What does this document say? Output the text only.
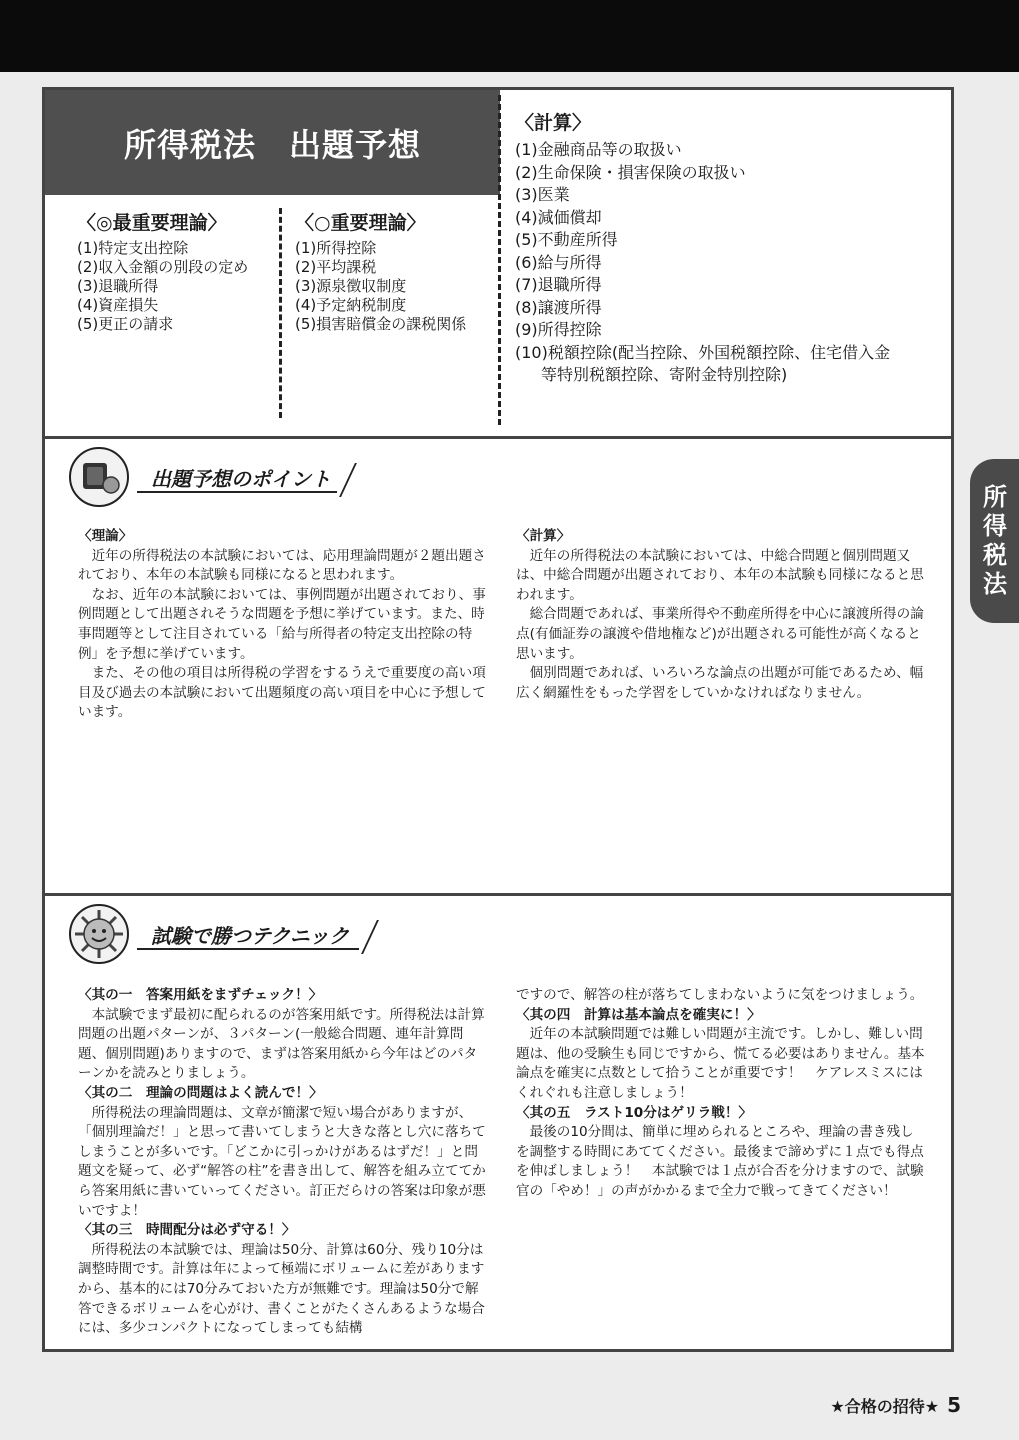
所得税法　出題予想
〈◎最重要理論〉
(1)特定支出控除
(2)収入金額の別段の定め
(3)退職所得
(4)資産損失
(5)更正の請求
〈○重要理論〉
(1)所得控除
(2)平均課税
(3)源泉徴収制度
(4)予定納税制度
(5)損害賠償金の課税関係
〈計算〉
(1)金融商品等の取扱い
(2)生命保険・損害保険の取扱い
(3)医業
(4)減価償却
(5)不動産所得
(6)給与所得
(7)退職所得
(8)譲渡所得
(9)所得控除
(10)税額控除(配当控除、外国税額控除、住宅借入金
等特別税額控除、寄附金特別控除)
出題予想のポイント

〈理論〉

近年の所得税法の本試験においては、応用理論問題が２題出題されており、本年の本試験も同様になると思われます。

なお、近年の本試験においては、事例問題が出題されており、事例問題として出題されそうな問題を予想に挙げています。また、時事問題等として注目されている「給与所得者の特定支出控除の特例」を予想に挙げています。

また、その他の項目は所得税の学習をするうえで重要度の高い項目及び過去の本試験において出題頻度の高い項目を中心に予想しています。

〈計算〉

近年の所得税法の本試験においては、中総合問題と個別問題又は、中総合問題が出題されており、本年の本試験も同様になると思われます。

総合問題であれば、事業所得や不動産所得を中心に譲渡所得の論点(有価証券の譲渡や借地権など)が出題される可能性が高くなると思います。

個別問題であれば、いろいろな論点の出題が可能であるため、幅広く網羅性をもった学習をしていかなければなりません。

試験で勝つテクニック

〈其の一　答案用紙をまずチェック！〉

本試験でまず最初に配られるのが答案用紙です。所得税法は計算問題の出題パターンが、３パターン(一般総合問題、連年計算問題、個別問題)ありますので、まずは答案用紙から今年はどのパターンかを読みとりましょう。

〈其の二　理論の問題はよく読んで！〉

所得税法の理論問題は、文章が簡潔で短い場合がありますが、「個別理論だ！」と思って書いてしまうと大きな落とし穴に落ちてしまうことが多いです。「どこかに引っかけがあるはずだ！」と問題文を疑って、必ず“解答の柱”を書き出して、解答を組み立ててから答案用紙に書いていってください。訂正だらけの答案は印象が悪いですよ！

〈其の三　時間配分は必ず守る！〉

所得税法の本試験では、理論は50分、計算は60分、残り10分は調整時間です。計算は年によって極端にボリュームに差がありますから、基本的には70分みておいた方が無難です。理論は50分で解答できるボリュームを心がけ、書くことがたくさんあるような場合には、多少コンパクトになってしまっても結構

ですので、解答の柱が落ちてしまわないように気をつけましょう。

〈其の四　計算は基本論点を確実に！〉

近年の本試験問題では難しい問題が主流です。しかし、難しい問題は、他の受験生も同じですから、慌てる必要はありません。基本論点を確実に点数として拾うことが重要です！　ケアレスミスにはくれぐれも注意しましょう！

〈其の五　ラスト10分はゲリラ戦！〉

最後の10分間は、簡単に埋められるところや、理論の書き残しを調整する時間にあててください。最後まで諦めずに１点でも得点を伸ばしましょう！　本試験では１点が合否を分けますので、試験官の「やめ！」の声がかかるまで全力で戦ってきてください！

所得税法
★合格の招待★ 5
